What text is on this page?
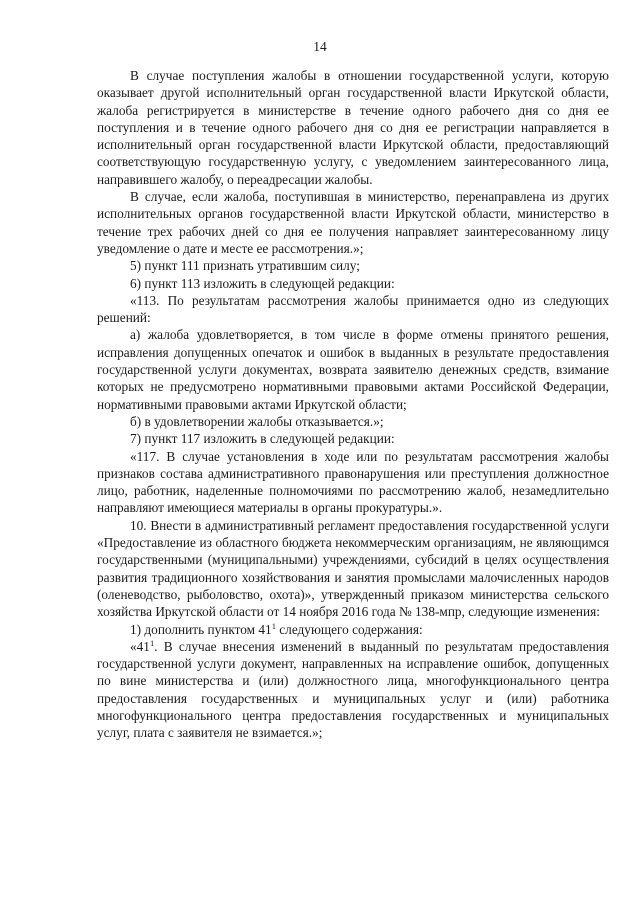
14

В случае поступления жалобы в отношении государственной услуги, которую оказывает другой исполнительный орган государственной власти Иркутской области, жалоба регистрируется в министерстве в течение одного рабочего дня со дня ее поступления и в течение одного рабочего дня со дня ее регистрации направляется в исполнительный орган государственной власти Иркутской области, предоставляющий соответствующую государственную услугу, с уведомлением заинтересованного лица, направившего жалобу, о переадресации жалобы.

В случае, если жалоба, поступившая в министерство, перенаправлена из других исполнительных органов государственной власти Иркутской области, министерство в течение трех рабочих дней со дня ее получения направляет заинтересованному лицу уведомление о дате и месте ее рассмотрения.»;

5) пункт 111 признать утратившим силу;

6) пункт 113 изложить в следующей редакции:

«113. По результатам рассмотрения жалобы принимается одно из следующих решений:

а) жалоба удовлетворяется, в том числе в форме отмены принятого решения, исправления допущенных опечаток и ошибок в выданных в результате предоставления государственной услуги документах, возврата заявителю денежных средств, взимание которых не предусмотрено нормативными правовыми актами Российской Федерации, нормативными правовыми актами Иркутской области;

б) в удовлетворении жалобы отказывается.»;

7) пункт 117 изложить в следующей редакции:

«117. В случае установления в ходе или по результатам рассмотрения жалобы признаков состава административного правонарушения или преступления должностное лицо, работник, наделенные полномочиями по рассмотрению жалоб, незамедлительно направляют имеющиеся материалы в органы прокуратуры.».

10. Внести в административный регламент предоставления государственной услуги «Предоставление из областного бюджета некоммерческим организациям, не являющимся государственными (муниципальными) учреждениями, субсидий в целях осуществления развития традиционного хозяйствования и занятия промыслами малочисленных народов (оленеводство, рыболовство, охота)», утвержденный приказом министерства сельского хозяйства Иркутской области от 14 ноября 2016 года № 138-мпр, следующие изменения:

1) дополнить пунктом $41^1$ следующего содержания:

«$41^1$. В случае внесения изменений в выданный по результатам предоставления государственной услуги документ, направленных на исправление ошибок, допущенных по вине министерства и (или) должностного лица, многофункционального центра предоставления государственных и муниципальных услуг и (или) работника многофункционального центра предоставления государственных и муниципальных услуг, плата с заявителя не взимается.»;
